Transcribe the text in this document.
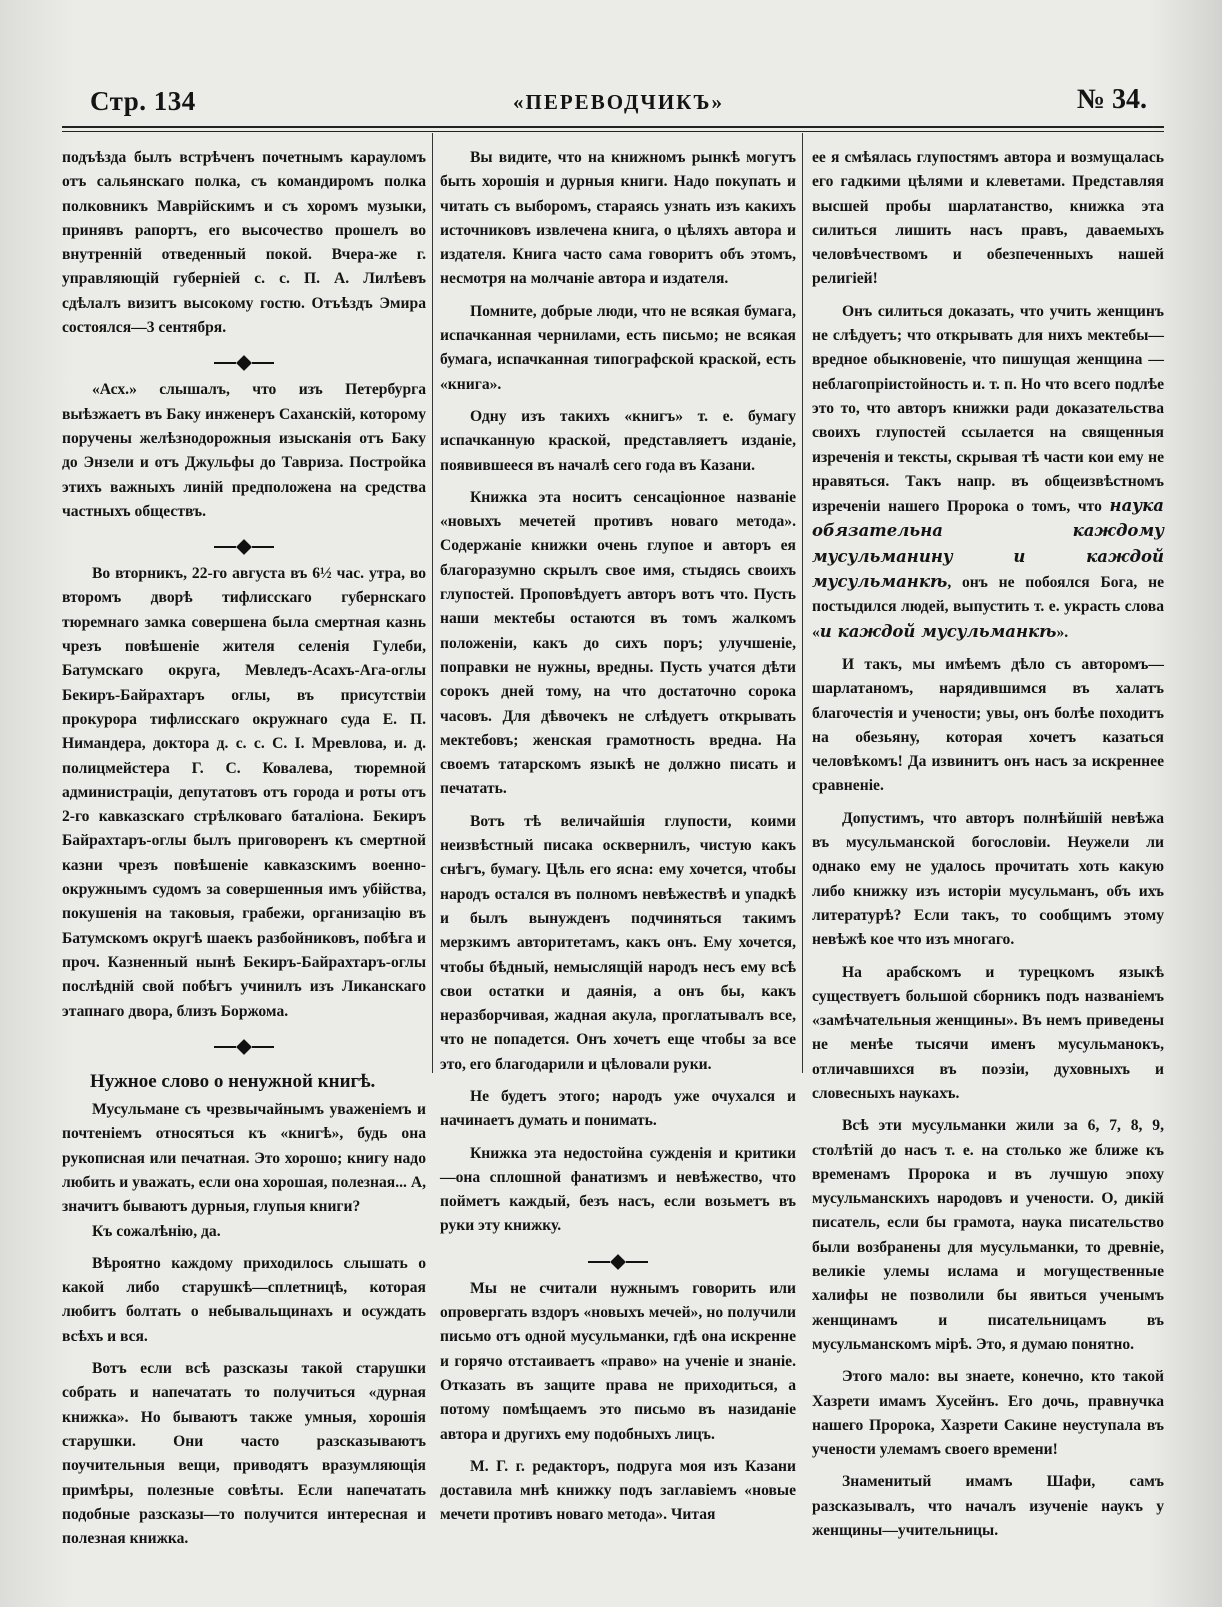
Стр. 134	«ПЕРЕВОДЧИКЪ»	№ 34.

подъѣзда былъ встрѣченъ почетнымъ карауломъ отъ сальянскаго полка, съ командиромъ полка полковникъ Маврійскимъ и съ хоромъ музыки, принявъ рапортъ, его высочество прошелъ во внутренній отведенный покой. Вчера-же г. управляющій губерніей с. с. П. А. Лилѣевъ сдѣлалъ визитъ высокому гостю. Отъѣздъ Эмира состоялся—3 сентября.

«Асх.» слышалъ, что изъ Петербурга выѣзжаетъ въ Баку инженеръ Саханскій, которому поручены желѣзнодорожныя изысканія отъ Баку до Энзели и отъ Джульфы до Тавриза. Постройка этихъ важныхъ линій предположена на средства частныхъ обществъ.

Во вторникъ, 22-го августа въ 6½ час. утра, во второмъ дворѣ тифлисскаго губернскаго тюремнаго замка совершена была смертная казнь чрезъ повѣшеніе жителя селенія Гулеби, Батумскаго округа, Мевледъ-Асахъ-Ага-оглы Бекиръ-Байрахтаръ оглы, въ присутствіи прокурора тифлисскаго окружнаго суда Е. П. Нимандера, доктора д. с. с. С. І. Мревлова, и. д. полицмейстера Г. С. Ковалева, тюремной администраціи, депутатовъ отъ города и роты отъ 2-го кавказскаго стрѣлковаго баталіона. Бекиръ Байрахтаръ-оглы былъ приговоренъ къ смертной казни чрезъ повѣшеніе кавказскимъ военно-окружнымъ судомъ за совершенныя имъ убійства, покушенія на таковыя, грабежи, организацію въ Батумскомъ округѣ шаекъ разбойниковъ, побѣга и проч. Казненный нынѣ Бекиръ-Байрахтаръ-оглы послѣдній свой побѣгъ учинилъ изъ Ликанскаго этапнаго двора, близъ Боржома.

Нужное слово о ненужной книгѣ.

Мусульмане съ чрезвычайнымъ уваженіемъ и почтеніемъ относяться къ «книгѣ», будь она рукописная или печатная. Это хорошо; книгу надо любить и уважать, если она хорошая, полезная... А, значитъ бываютъ дурныя, глупыя книги?

Къ сожалѣнію, да.

Вѣроятно каждому приходилось слышать о какой либо старушкѣ—сплетницѣ, которая любитъ болтать о небывальщинахъ и осуждать всѣхъ и вся.

Вотъ если всѣ разсказы такой старушки собрать и напечатать то получиться «дурная книжка». Но бываютъ также умныя, хорошія старушки. Они часто разсказываютъ поучительныя вещи, приводятъ вразумляющія примѣры, полезные совѣты. Если напечатать подобные разсказы—то получится интересная и полезная книжка.

Вы видите, что на книжномъ рынкѣ могутъ быть хорошія и дурныя книги. Надо покупать и читать съ выборомъ, стараясь узнать изъ какихъ источниковъ извлечена книга, о цѣляхъ автора и издателя. Книга часто сама говоритъ объ этомъ, несмотря на молчаніе автора и издателя.

Помните, добрые люди, что не всякая бумага, испачканная чернилами, есть письмо; не всякая бумага, испачканная типографской краской, есть «книга».

Одну изъ такихъ «книгъ» т. е. бумагу испачканную краской, представляетъ изданіе, появившееся въ началѣ сего года въ Казани.

Книжка эта носитъ сенсаціонное названіе «новыхъ мечетей противъ новаго метода». Содержаніе книжки очень глупое и авторъ ея благоразумно скрылъ свое имя, стыдясь своихъ глупостей. Проповѣдуетъ авторъ вотъ что. Пусть наши мектебы остаются въ томъ жалкомъ положеніи, какъ до сихъ поръ; улучшеніе, поправки не нужны, вредны. Пусть учатся дѣти сорокъ дней тому, на что достаточно сорока часовъ. Для дѣвочекъ не слѣдуетъ открывать мектебовъ; женская грамотность вредна. На своемъ татарскомъ языкѣ не должно писать и печатать.

Вотъ тѣ величайшія глупости, коими неизвѣстный писака осквернилъ, чистую какъ снѣгъ, бумагу. Цѣль его ясна: ему хочется, чтобы народъ остался въ полномъ невѣжествѣ и упадкѣ и былъ вынужденъ подчиняться такимъ мерзкимъ авторитетамъ, какъ онъ. Ему хочется, чтобы бѣдный, немыслящій народъ несъ ему всѣ свои остатки и даянія, а онъ бы, какъ неразборчивая, жадная акула, проглатывалъ все, что не попадется. Онъ хочетъ еще чтобы за все это, его благодарили и цѣловали руки.

Не будетъ этого; народъ уже очухался и начинаетъ думать и понимать.

Книжка эта недостойна сужденія и критики—она сплошной фанатизмъ и невѣжество, что пойметъ каждый, безъ насъ, если возьметъ въ руки эту книжку.

Мы не считали нужнымъ говорить или опровергать вздоръ «новыхъ мечей», но получили письмо отъ одной мусульманки, гдѣ она искренне и горячо отстаиваетъ «право» на ученіе и знаніе. Отказать въ защите права не приходиться, а потому помѣщаемъ это письмо въ назиданіе автора и другихъ ему подобныхъ лицъ.

М. Г. г. редакторъ, подруга моя изъ Казани доставила мнѣ книжку подъ заглавіемъ «новые мечети противъ новаго метода». Читая

ее я смѣялась глупостямъ автора и возмущалась его гадкими цѣлями и клеветами. Представляя высшей пробы шарлатанство, книжка эта силиться лишить насъ правъ, даваемыхъ человѣчествомъ и обезпеченныхъ нашей религіей!

Онъ силиться доказать, что учить женщинъ не слѣдуетъ; что открывать для нихъ мектебы—вредное обыкновеніе, что пишущая женщина — неблагопріистойность и. т. п. Но что всего подлѣе это то, что авторъ книжки ради доказательства своихъ глупостей ссылается на священныя изреченія и тексты, скрывая тѣ части кои ему не нравяться. Такъ напр. въ общеизвѣстномъ изреченіи нашего Пророка о томъ, что наука обязательна каждому мусульманину и каждой мусульманкѣ, онъ не побоялся Бога, не постыдился людей, выпустить т. е. украсть слова «и каждой мусульманкѣ».

И такъ, мы имѣемъ дѣло съ авторомъ—шарлатаномъ, нарядившимся въ халатъ благочестія и учености; увы, онъ болѣе походитъ на обезьяну, которая хочетъ казаться человѣкомъ! Да извинитъ онъ насъ за искреннее сравненіе.

Допустимъ, что авторъ полнѣйшій невѣжа въ мусульманской богословіи. Неужели ли однако ему не удалось прочитать хоть какую либо книжку изъ исторіи мусульманъ, объ ихъ литературѣ? Если такъ, то сообщимъ этому невѣжѣ кое что изъ многаго.

На арабскомъ и турецкомъ языкѣ существуетъ большой сборникъ подъ названіемъ «замѣчательныя женщины». Въ немъ приведены не менѣе тысячи именъ мусульманокъ, отличавшихся въ поэзіи, духовныхъ и словесныхъ наукахъ.

Всѣ эти мусульманки жили за 6, 7, 8, 9, столѣтій до насъ т. е. на столько же ближе къ временамъ Пророка и въ лучшую эпоху мусульманскихъ народовъ и учености. О, дикій писатель, если бы грамота, наука писательство были возбранены для мусульманки, то древніе, великіе улемы ислама и могущественные халифы не позволили бы явиться ученымъ женщинамъ и писательницамъ въ мусульманскомъ мірѣ. Это, я думаю понятно.

Этого мало: вы знаете, конечно, кто такой Хазрети имамъ Хусейнъ. Его дочь, правнучка нашего Пророка, Хазрети Сакине неуступала въ учености улемамъ своего времени!

Знаменитый имамъ Шафи, самъ разсказывалъ, что началъ изученіе наукъ у женщины—учительницы.
